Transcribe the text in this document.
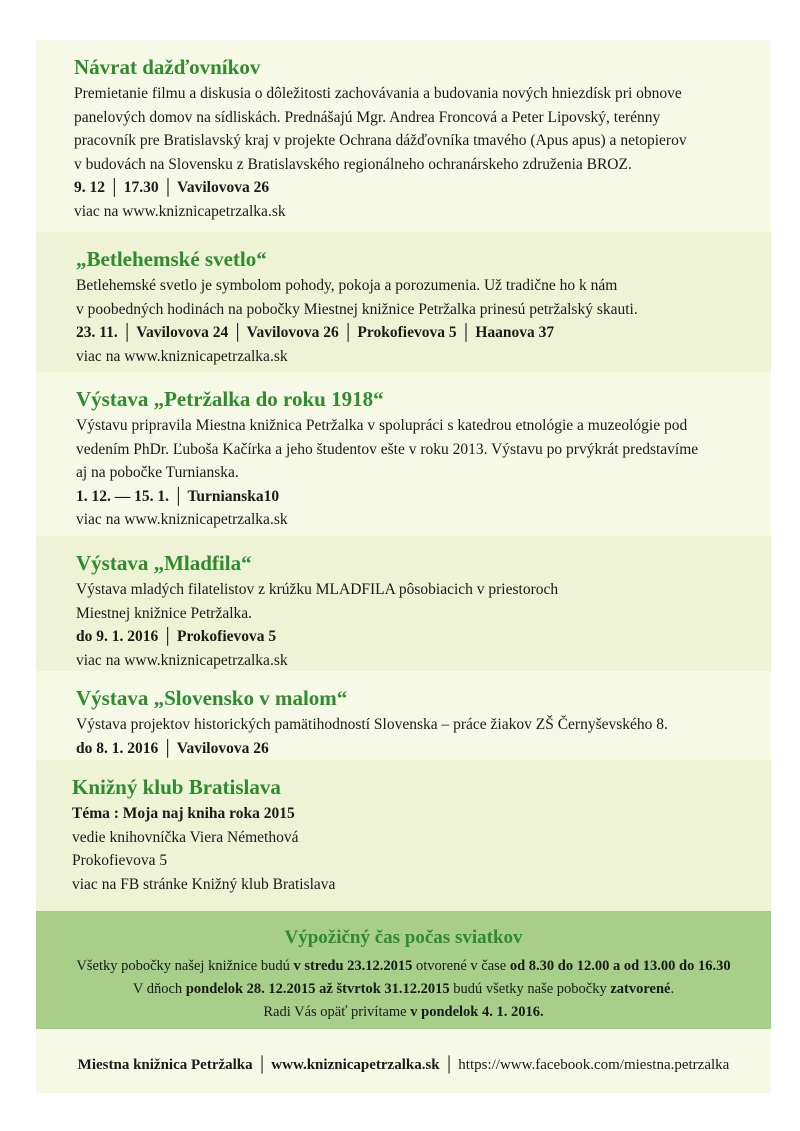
Návrat dažďovníkov
Premietanie filmu a diskusia o dôležitosti zachovávania a budovania nových hniezdísk pri obnove
panelových domov na sídliskách. Prednášajú Mgr. Andrea Froncová a Peter Lipovský, terénny
pracovník pre Bratislavský kraj v projekte Ochrana dážďovníka tmavého (Apus apus) a netopierov
v budovách na Slovensku z Bratislavského regionálneho ochranárskeho združenia BROZ.
9. 12 │ 17.30 │ Vavilovova 26
viac na www.kniznicapetrzalka.sk
„Betlehemské svetlo“
Betlehemské svetlo je symbolom pohody, pokoja a porozumenia. Už tradične ho k nám
v poobedných hodinách na pobočky Miestnej knižnice Petržalka prinesú petržalský skauti.
23. 11. │ Vavilovova 24 │ Vavilovova 26 │ Prokofievova 5 │ Haanova 37
viac na www.kniznicapetrzalka.sk
Výstava „Petržalka do roku 1918“
Výstavu pripravila Miestna knižnica Petržalka v spolupráci s katedrou etnológie a muzeológie pod
vedením PhDr. Ľuboša Kačírka a jeho študentov ešte v roku 2013. Výstavu po prvýkrát predstavíme
aj na pobočke Turnianska.
1. 12. — 15. 1. │ Turnianska10
viac na www.kniznicapetrzalka.sk
Výstava „Mladfila“
Výstava mladých filatelistov z krúžku MLADFILA pôsobiacich v priestoroch
Miestnej knižnice Petržalka.
do 9. 1. 2016 │ Prokofievova 5
viac na www.kniznicapetrzalka.sk
Výstava „Slovensko v malom“
Výstava projektov historických pamätihodností Slovenska – práce žiakov ZŠ Černyševského 8.
do 8. 1. 2016 │ Vavilovova 26
Knižný klub Bratislava
Téma : Moja naj kniha roka 2015
vedie knihovníčka Viera Némethová
Prokofievova 5
viac na FB stránke Knižný klub Bratislava
Výpožičný čas počas sviatkov
Všetky pobočky našej knižnice budú v stredu 23.12.2015 otvorené v čase od 8.30 do 12.00 a od 13.00 do 16.30
V dňoch pondelok 28. 12.2015 až štvrtok 31.12.2015 budú všetky naše pobočky zatvorené.
Radi Vás opäť privítame v pondelok 4. 1. 2016.
Miestna knižnica Petržalka │ www.kniznicapetrzalka.sk │ https://www.facebook.com/miestna.petrzalka
